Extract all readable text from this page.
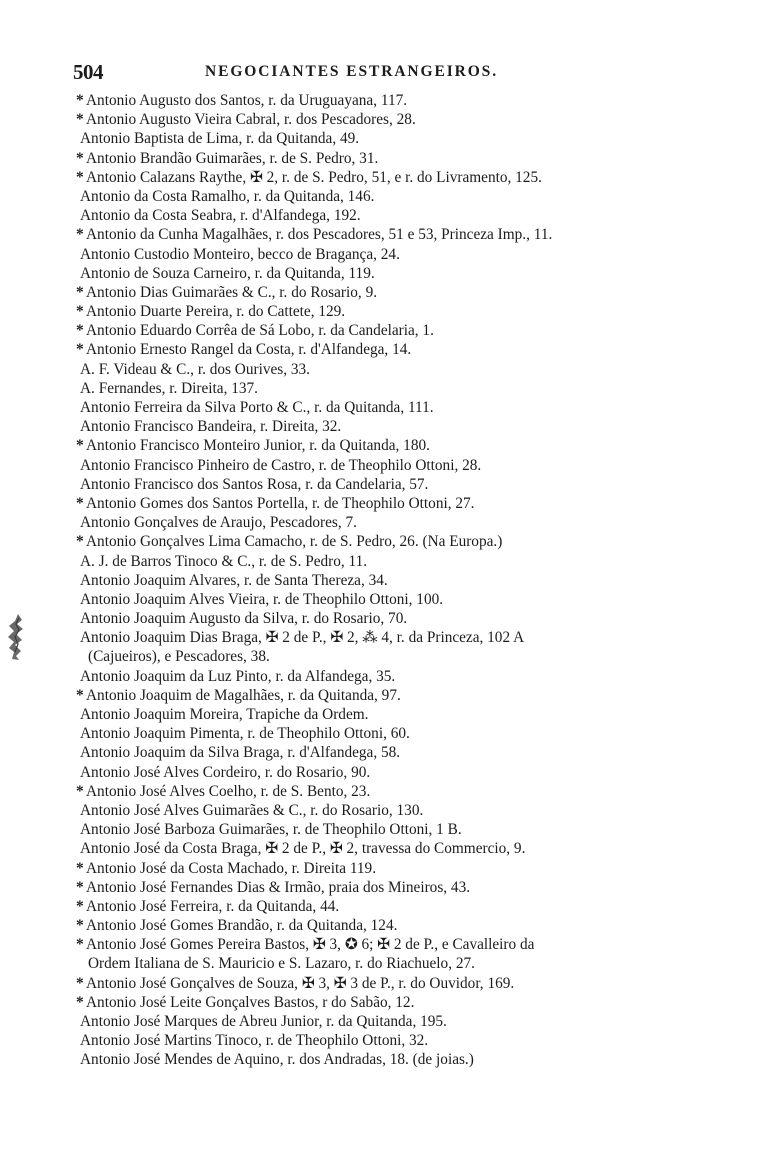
504	NEGOCIANTES ESTRANGEIROS.
* Antonio Augusto dos Santos, r. da Uruguayana, 117.
* Antonio Augusto Vieira Cabral, r. dos Pescadores, 28.
Antonio Baptista de Lima, r. da Quitanda, 49.
* Antonio Brandão Guimarães, r. de S. Pedro, 31.
* Antonio Calazans Raythe, ✠ 2, r. de S. Pedro, 51, e r. do Livramento, 125.
Antonio da Costa Ramalho, r. da Quitanda, 146.
Antonio da Costa Seabra, r. d'Alfandega, 192.
* Antonio da Cunha Magalhães, r. dos Pescadores, 51 e 53, Princeza Imp., 11.
Antonio Custodio Monteiro, becco de Bragança, 24.
Antonio de Souza Carneiro, r. da Quitanda, 119.
* Antonio Dias Guimarães & C., r. do Rosario, 9.
* Antonio Duarte Pereira, r. do Cattete, 129.
* Antonio Eduardo Corrêa de Sá Lobo, r. da Candelaria, 1.
* Antonio Ernesto Rangel da Costa, r. d'Alfandega, 14.
A. F. Videau & C., r. dos Ourives, 33.
A. Fernandes, r. Direita, 137.
Antonio Ferreira da Silva Porto & C., r. da Quitanda, 111.
Antonio Francisco Bandeira, r. Direita, 32.
* Antonio Francisco Monteiro Junior, r. da Quitanda, 180.
Antonio Francisco Pinheiro de Castro, r. de Theophilo Ottoni, 28.
Antonio Francisco dos Santos Rosa, r. da Candelaria, 57.
* Antonio Gomes dos Santos Portella, r. de Theophilo Ottoni, 27.
Antonio Gonçalves de Araujo, Pescadores, 7.
* Antonio Gonçalves Lima Camacho, r. de S. Pedro, 26. (Na Europa.)
A. J. de Barros Tinoco & C., r. de S. Pedro, 11.
Antonio Joaquim Alvares, r. de Santa Thereza, 34.
Antonio Joaquim Alves Vieira, r. de Theophilo Ottoni, 100.
Antonio Joaquim Augusto da Silva, r. do Rosario, 70.
Antonio Joaquim Dias Braga, ✠ 2 de P., ✠ 2, ⁂ 4, r. da Princeza, 102 A
(Cajueiros), e Pescadores, 38.
Antonio Joaquim da Luz Pinto, r. da Alfandega, 35.
* Antonio Joaquim de Magalhães, r. da Quitanda, 97.
Antonio Joaquim Moreira, Trapiche da Ordem.
Antonio Joaquim Pimenta, r. de Theophilo Ottoni, 60.
Antonio Joaquim da Silva Braga, r. d'Alfandega, 58.
Antonio José Alves Cordeiro, r. do Rosario, 90.
* Antonio José Alves Coelho, r. de S. Bento, 23.
Antonio José Alves Guimarães & C., r. do Rosario, 130.
Antonio José Barboza Guimarães, r. de Theophilo Ottoni, 1 B.
Antonio José da Costa Braga, ✠ 2 de P., ✠ 2, travessa do Commercio, 9.
* Antonio José da Costa Machado, r. Direita 119.
* Antonio José Fernandes Dias & Irmão, praia dos Mineiros, 43.
* Antonio José Ferreira, r. da Quitanda, 44.
* Antonio José Gomes Brandão, r. da Quitanda, 124.
* Antonio José Gomes Pereira Bastos, ✠ 3, ✪ 6; ✠ 2 de P., e Cavalleiro da
Ordem Italiana de S. Mauricio e S. Lazaro, r. do Riachuelo, 27.
* Antonio José Gonçalves de Souza, ✠ 3, ✠ 3 de P., r. do Ouvidor, 169.
* Antonio José Leite Gonçalves Bastos, r do Sabão, 12.
Antonio José Marques de Abreu Junior, r. da Quitanda, 195.
Antonio José Martins Tinoco, r. de Theophilo Ottoni, 32.
Antonio José Mendes de Aquino, r. dos Andradas, 18. (de joias.)
